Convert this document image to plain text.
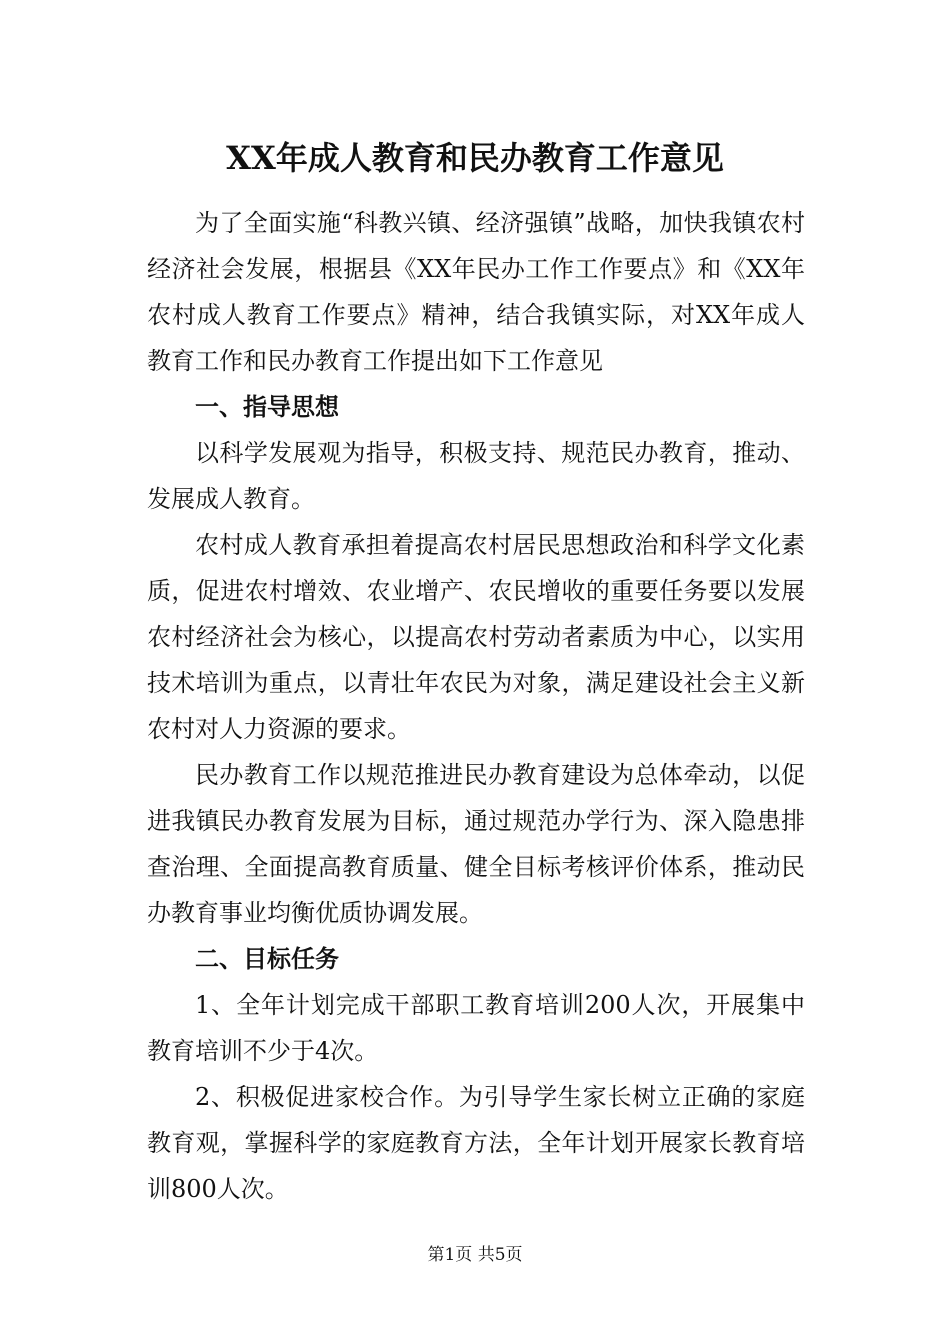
XX年成人教育和民办教育工作意见

为了全面实施“科教兴镇、经济强镇”战略，加快我镇农村经济社会发展，根据县《XX年民办工作工作要点》和《XX年农村成人教育工作要点》精神，结合我镇实际，对XX年成人教育工作和民办教育工作提出如下工作意见

一、指导思想

以科学发展观为指导，积极支持、规范民办教育，推动、发展成人教育。

农村成人教育承担着提高农村居民思想政治和科学文化素质，促进农村增效、农业增产、农民增收的重要任务要以发展农村经济社会为核心，以提高农村劳动者素质为中心，以实用技术培训为重点，以青壮年农民为对象，满足建设社会主义新农村对人力资源的要求。

民办教育工作以规范推进民办教育建设为总体牵动，以促进我镇民办教育发展为目标，通过规范办学行为、深入隐患排查治理、全面提高教育质量、健全目标考核评价体系，推动民办教育事业均衡优质协调发展。

二、目标任务

1、全年计划完成干部职工教育培训200人次，开展集中教育培训不少于4次。

2、积极促进家校合作。为引导学生家长树立正确的家庭教育观，掌握科学的家庭教育方法，全年计划开展家长教育培训800人次。

第1页 共5页
